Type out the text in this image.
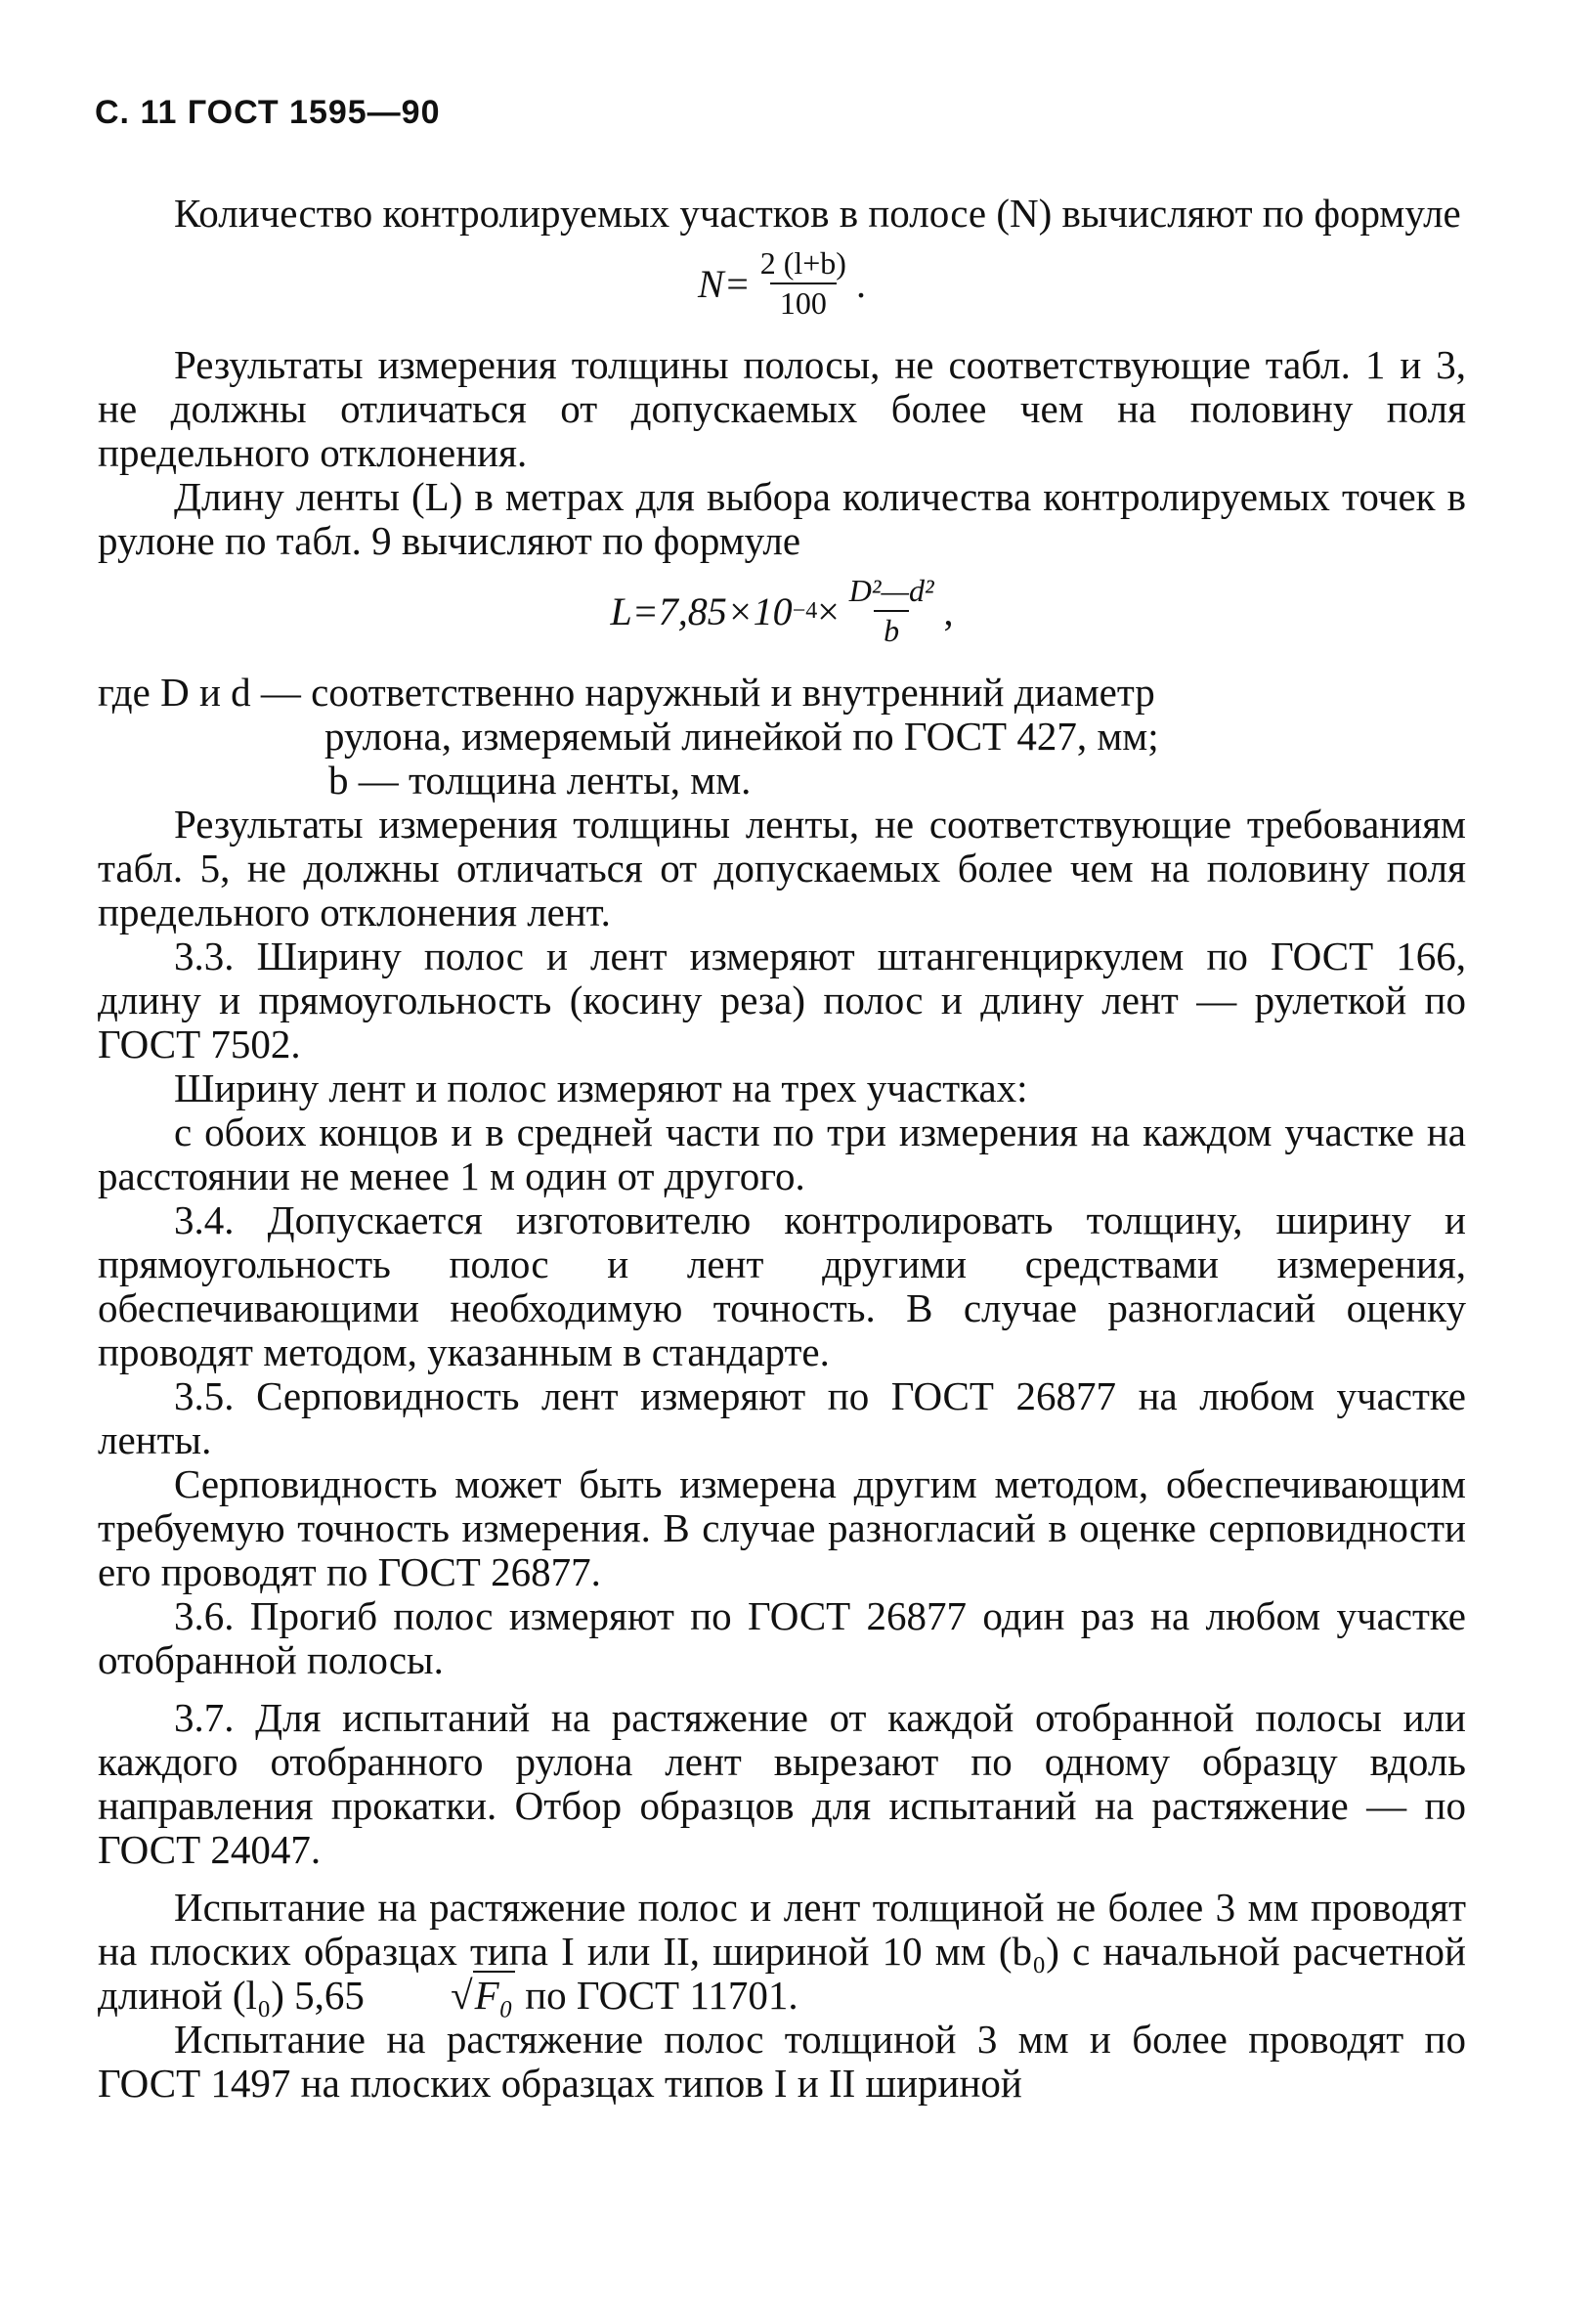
С. 11 ГОСТ 1595—90

Количество контролируемых участков в полосе (N) вычисляют по формуле

$N= \frac{2 (l+b)}{100}$ .

Результаты измерения толщины полосы, не соответствующие табл. 1 и 3, не должны отличаться от допускаемых более чем на половину поля предельного отклонения.

Длину ленты (L) в метрах для выбора количества контролируемых точек в рулоне по табл. 9 вычисляют по формуле

$L=7,85\times 10 -4 \times \frac{\text{D²—d²}}{b}$ ,
где D и d — соответственно наружный и внутренний диаметр
рулона, измеряемый линейкой по ГОСТ 427, мм;
b — толщина ленты, мм.

Результаты измерения толщины ленты, не соответствующие требованиям табл. 5, не должны отличаться от допускаемых более чем на половину поля предельного отклонения лент.

3.3. Ширину полос и лент измеряют штангенциркулем по ГОСТ 166, длину и прямоугольность (косину реза) полос и длину лент — рулеткой по ГОСТ 7502.

Ширину лент и полос измеряют на трех участках:

с обоих концов и в средней части по три измерения на каждом участке на расстоянии не менее 1 м один от другого.

3.4. Допускается изготовителю контролировать толщину, ширину и прямоугольность полос и лент другими средствами измерения, обеспечивающими необходимую точность. В случае разногласий оценку проводят методом, указанным в стандарте.

3.5. Серповидность лент измеряют по ГОСТ 26877 на любом участке ленты.

Серповидность может быть измерена другим методом, обеспечивающим требуемую точность измерения. В случае разногласий в оценке серповидности его проводят по ГОСТ 26877.

3.6. Прогиб полос измеряют по ГОСТ 26877 один раз на любом участке отобранной полосы.

3.7. Для испытаний на растяжение от каждой отобранной полосы или каждого отобранного рулона лент вырезают по одному образцу вдоль направления прокатки. Отбор образцов для испытаний на растяжение — по ГОСТ 24047.

Испытание на растяжение полос и лент толщиной не более 3 мм проводят на плоских образцах типа I или II, шириной 10 мм (b₀) с начальной расчетной длиной (l₀) 5,65 √F₀ по ГОСТ 11701.

Испытание на растяжение полос толщиной 3 мм и более проводят по ГОСТ 1497 на плоских образцах типов I и II шириной
